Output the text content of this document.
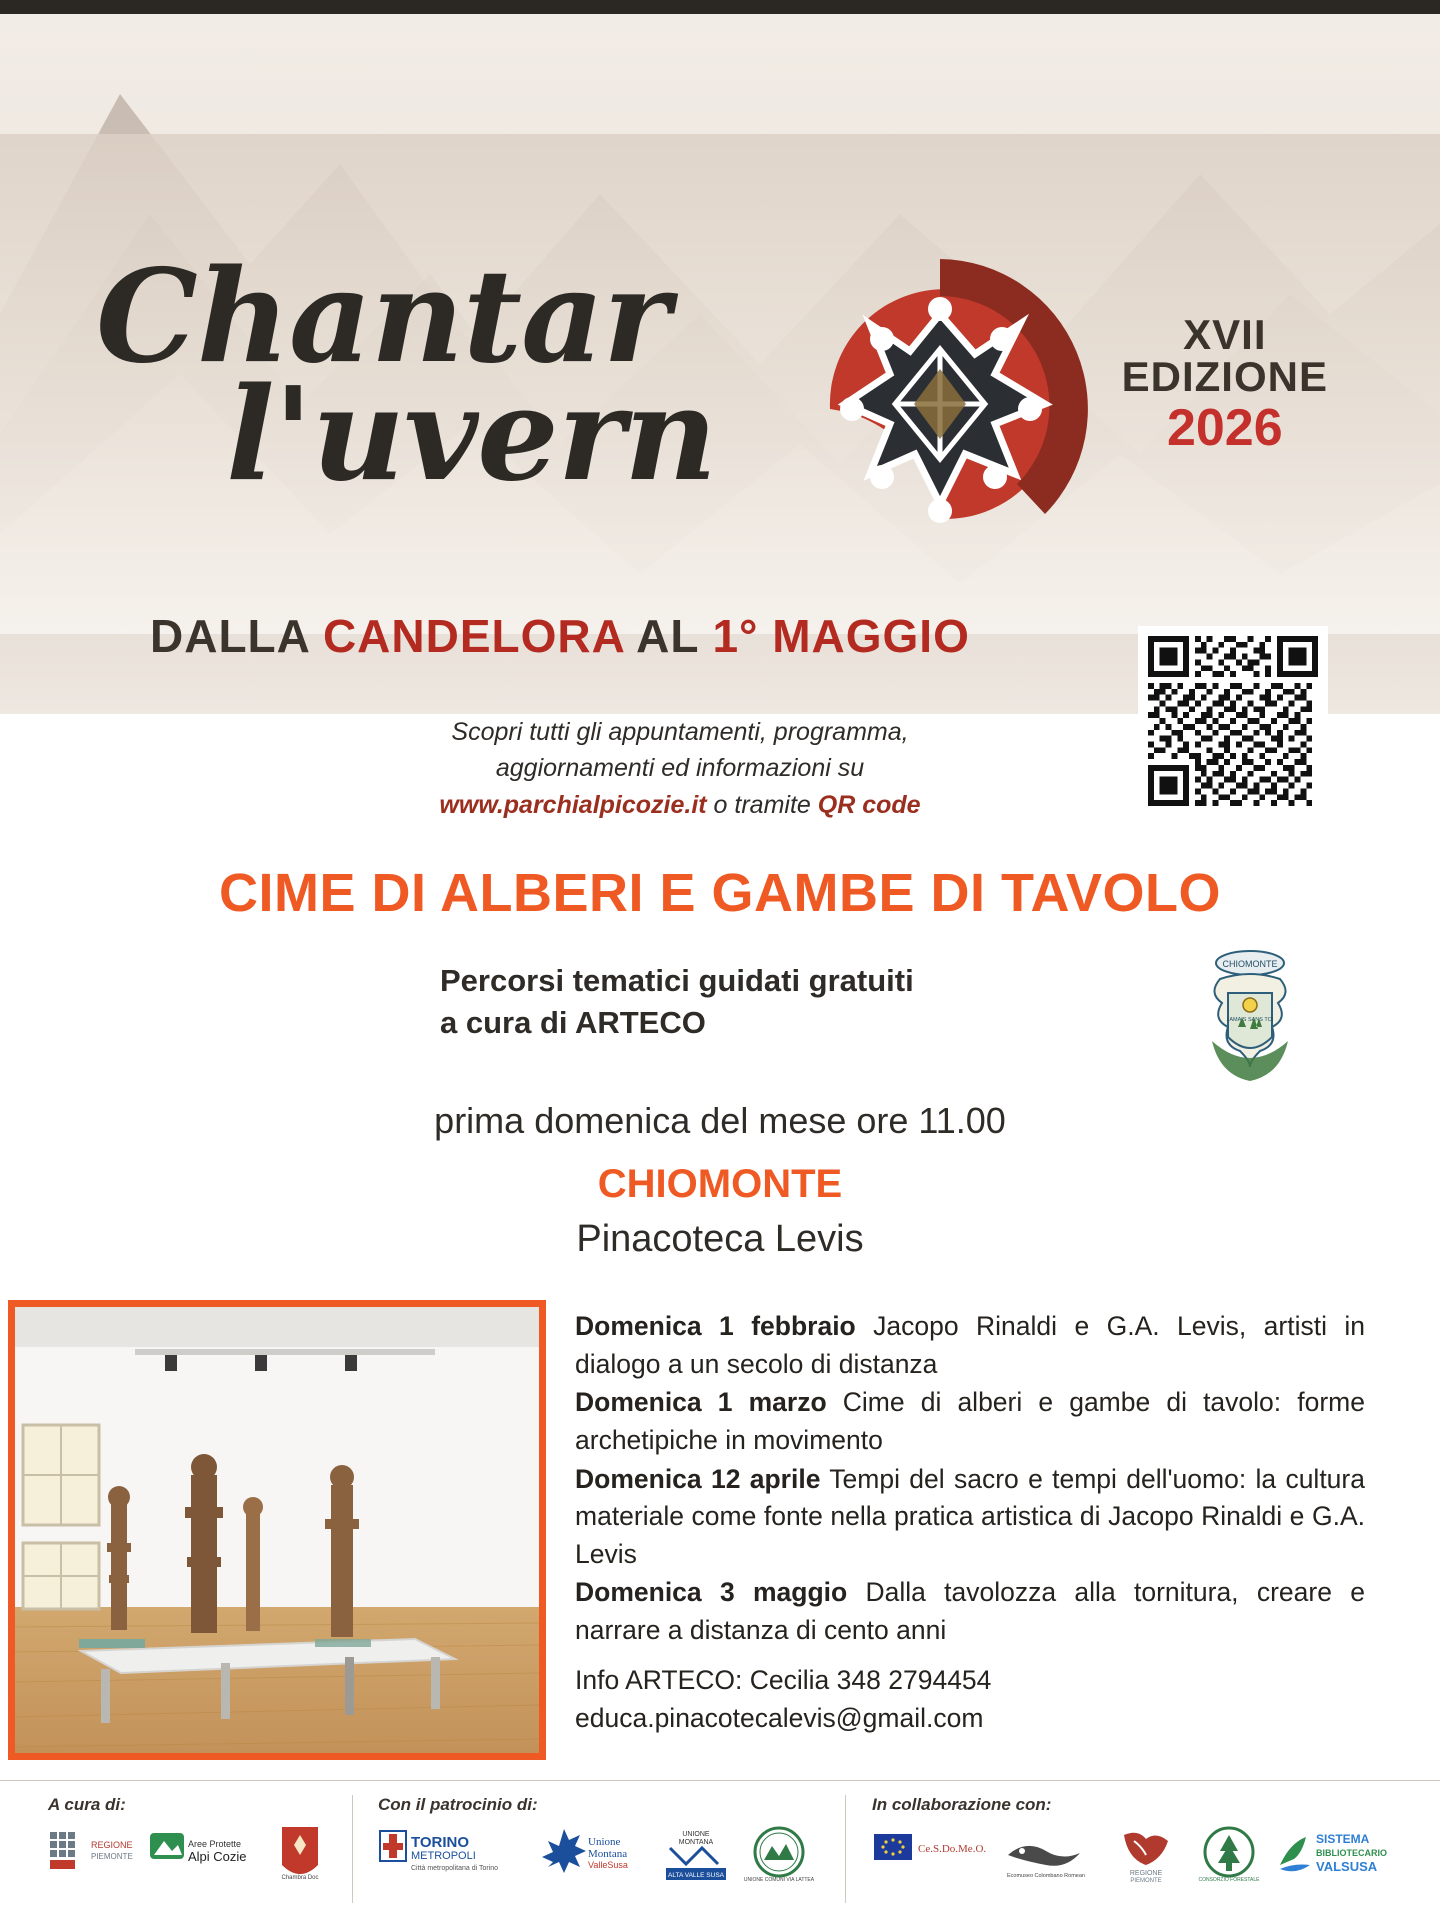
Chantar
l'uvern
XVII
EDIZIONE
2026
DALLA CANDELORA AL 1° MAGGIO
Scopri tutti gli appuntamenti, programma,
aggiornamenti ed informazioni su
www.parchialpicozie.it o tramite QR code
CIME DI ALBERI E GAMBE DI TAVOLO
Percorsi tematici guidati gratuiti
a cura di ARTECO
CHIOMONTE
JAMAIS SANS TOI
prima domenica del mese ore 11.00
CHIOMONTE
Pinacoteca Levis

Domenica 1 febbraio Jacopo Rinaldi e G.A. Levis, artisti in dialogo a un secolo di distanza

Domenica 1 marzo Cime di alberi e gambe di tavolo: forme archetipiche in movimento

Domenica 12 aprile Tempi del sacro e tempi dell'uomo: la cultura materiale come fonte nella pratica artistica di Jacopo Rinaldi e G.A. Levis

Domenica 3 maggio Dalla tavolozza alla tornitura, creare e narrare a distanza di cento anni

Info ARTECO: Cecilia 348 2794454
educa.pinacotecalevis@gmail.com
A cura di:
REGIONE
PIEMONTE
Aree Protette
Alpi Cozie
Chambra Doc
Con il patrocinio di:
TORINO
METROPOLI
Città metropolitana di Torino
Unione
Montana
ValleSusa
UNIONE
MONTANA
ALTA VALLE SUSA
UNIONE COMUNI VIA LATTEA
In collaborazione con:
Ce.S.Do.Me.O.
Ecomuseo Colombano Romean	REGIONE
PIEMONTE	CONSORZIO FORESTALE
SISTEMA
BIBLIOTECARIO
VALSUSA
